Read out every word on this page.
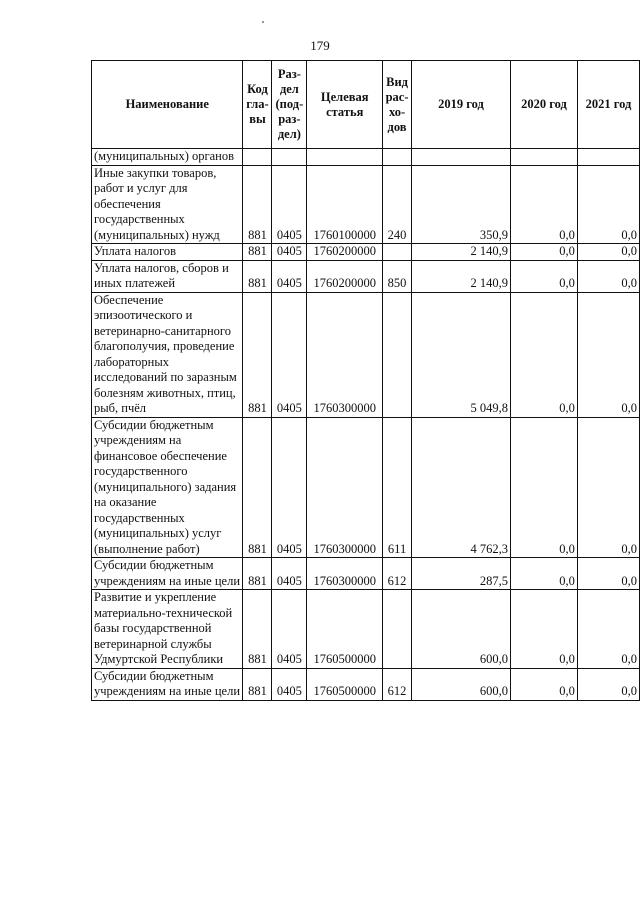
179
Наименование	Код гла- вы	Раз- дел (под- раз- дел)	Целевая статья	Вид рас- хо- дов	2019 год	2020 год	2021 год
(муниципальных) органов							
Иные закупки товаров, работ и услуг для обеспечения государственных (муниципальных) нужд	881	0405	1760100000	240	350,9	0,0	0,0
Уплата налогов	881	0405	1760200000		2 140,9	0,0	0,0
Уплата налогов, сборов и иных платежей	881	0405	1760200000	850	2 140,9	0,0	0,0
Обеспечение эпизоотического и ветеринарно-санитарного благополучия, проведение лабораторных исследований по заразным болезням животных, птиц, рыб, пчёл	881	0405	1760300000		5 049,8	0,0	0,0
Субсидии бюджетным учреждениям на финансовое обеспечение государственного (муниципального) задания на оказание государственных (муниципальных) услуг (выполнение работ)	881	0405	1760300000	611	4 762,3	0,0	0,0
Субсидии бюджетным учреждениям на иные цели	881	0405	1760300000	612	287,5	0,0	0,0
Развитие и укрепление материально-технической базы государственной ветеринарной службы Удмуртской Республики	881	0405	1760500000		600,0	0,0	0,0
Субсидии бюджетным учреждениям на иные цели	881	0405	1760500000	612	600,0	0,0	0,0
